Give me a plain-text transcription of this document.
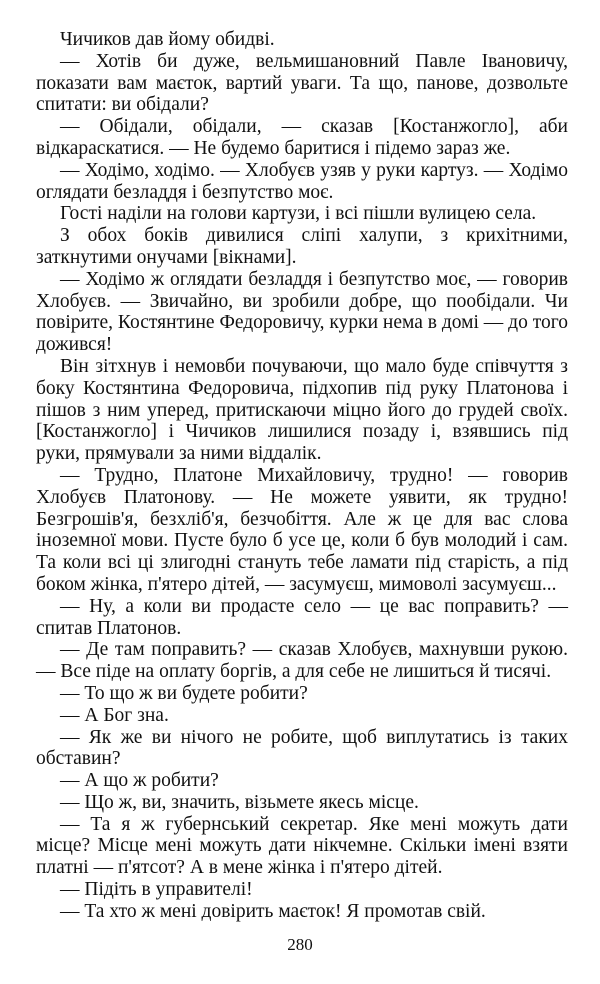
Чичиков дав йому обидві.

— Хотів би дуже, вельмишановний Павле Івановичу, показати вам маєток, вартий уваги. Та що, панове, дозвольте спитати: ви обідали?

— Обідали, обідали, — сказав [Костанжогло], аби відкараскатися. — Не будемо баритися і підемо зараз же.

— Ходімо, ходімо. — Хлобуєв узяв у руки картуз. — Ходімо оглядати безладдя і безпутство моє.

Гості наділи на голови картузи, і всі пішли вулицею села.

З обох боків дивилися сліпі халупи, з крихітними, заткнутими онучами [вікнами].

— Ходімо ж оглядати безладдя і безпутство моє, — говорив Хлобуєв. — Звичайно, ви зробили добре, що пообідали. Чи повірите, Костянтине Федоровичу, курки нема в домі — до того дожився!

Він зітхнув і немовби почуваючи, що мало буде співчуття з боку Костянтина Федоровича, підхопив під руку Платонова і пішов з ним уперед, притискаючи міцно його до грудей своїх. [Костанжогло] і Чичиков лишилися позаду і, взявшись під руки, прямували за ними віддалік.

— Трудно, Платоне Михайловичу, трудно! — говорив Хлобуєв Платонову. — Не можете уявити, як трудно! Безгрошів'я, безхліб'я, безчобіття. Але ж це для вас слова іноземної мови. Пусте було б усе це, коли б був молодий і сам. Та коли всі ці злигодні стануть тебе ламати під старість, а під боком жінка, п'ятеро дітей, — засумуєш, мимоволі засумуєш...

— Ну, а коли ви продасте село — це вас поправить? — спитав Платонов.

— Де там поправить? — сказав Хлобуєв, махнувши рукою. — Все піде на оплату боргів, а для себе не лишиться й тисячі.

— То що ж ви будете робити?

— А Бог зна.

— Як же ви нічого не робите, щоб виплутатись із таких обставин?

— А що ж робити?

— Що ж, ви, значить, візьмете якесь місце.

— Та я ж губернський секретар. Яке мені можуть дати місце? Місце мені можуть дати нікчемне. Скільки імені взяти платні — п'ятсот? А в мене жінка і п'ятеро дітей.

— Підіть в управителі!

— Та хто ж мені довірить маєток! Я промотав свій.

280
